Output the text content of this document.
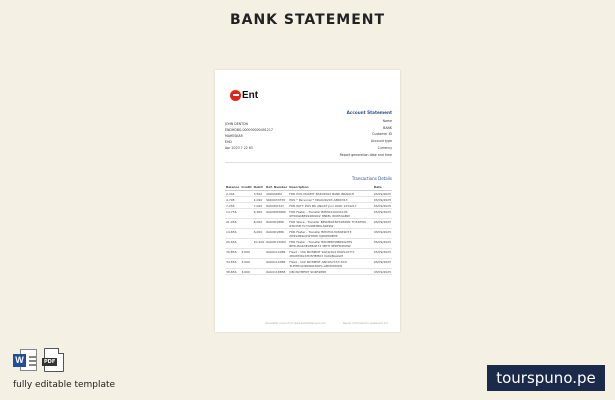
BANK STATEMENT
Ent
Account Statement
JOHN DENTON
ENDHDBG-000000000491217
MAHESKAR
EHD
Apr 2023 7 22 63
Name
BANK
Customer ID
Account type
Currency
Report generation date and time
Transactions Details
Balance	Credit	Debit	Ref. Number	Description	Date
2,344		3,500	XKK0SDE0	FDR POS MAKEIT 3RZ02562 BANK BRANCH	03/09/2025
4.798		2,090	SKK0033370	POS * Personal * 3DA020203 ABD0313	03/09/2025
7,256		7,000	6AK0D0347	FDR PAYT. POS BK ANGST Juni 0000 1234217	03/09/2025
14,756		6,300	6AK0D05680	FDR Faster - Transfer BPMO41003X13S 9H50GK8899480002 3BREL 80W59ABW	03/09/2025
21,056		8,000	8AK0D1886	FDR Wave - Transfer BPSM80160528Z6N 7H32EWK 63K3SD7V77ARB3BKLS969W	03/09/2025
14,656		6,000	6AK0D1886	FDR Faster - Transfer BPOH41303K69D73 2H9S2B9O2WTWRI 0JDKP69BYR	03/09/2025
20,656		10,200	6AK0D12063	FDR Faster - Transfer BPOM80S8BK6G3HS 8H5UAGK3E038AE73 3BTH 9EDFD9M3W	03/09/2025
30,856	3,600		6AK0114089	Fixed - 100 PAYMENT 9AK1J4A4 DKKS1X7Y1 2PAYM3KLSTD5HEM03 VAK0BAAGM	03/09/2025
34,656	3,600		6AK0114089	Fixed - 100 PAYMENT ABCDS7C53 DCS 3LPYEDLDR0000306%-ABCD000DS	03/09/2025
38,656	3,600		6AK0118858	OBI PAYMENT 9D4E9888	03/09/2025
Generated online from www.bankstatement.com	Report of transaction statement 1/1
W	PDF
fully editable template	tourspuno.pe
